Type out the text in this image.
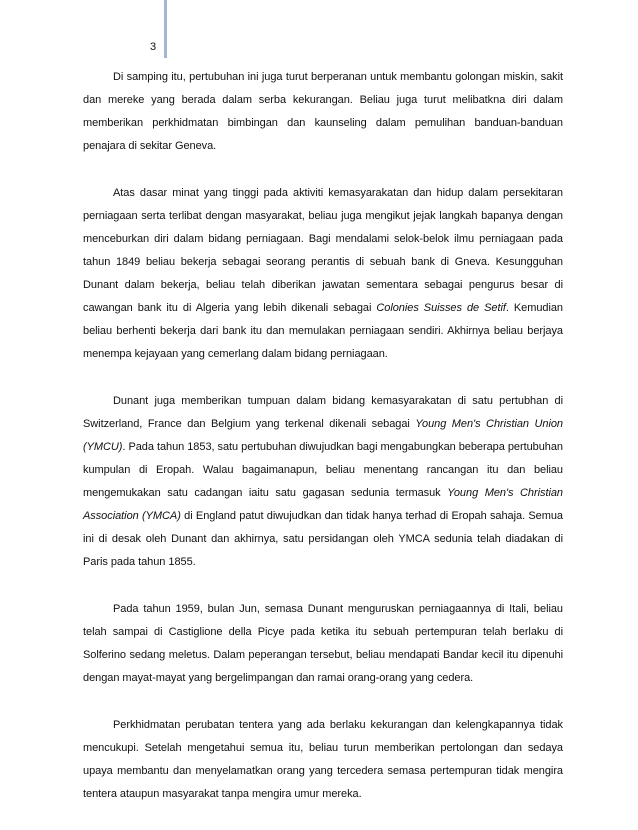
3

Di samping itu, pertubuhan ini juga turut berperanan untuk membantu golongan miskin, sakit dan mereke yang berada dalam serba kekurangan. Beliau juga turut melibatkna diri dalam memberikan perkhidmatan bimbingan dan kaunseling dalam pemulihan banduan-banduan penajara di sekitar Geneva.

Atas dasar minat yang tinggi pada aktiviti kemasyarakatan dan hidup dalam persekitaran perniagaan serta terlibat dengan masyarakat, beliau juga mengikut jejak langkah bapanya dengan menceburkan diri dalam bidang perniagaan. Bagi mendalami selok-belok ilmu perniagaan pada tahun 1849 beliau bekerja sebagai seorang perantis di sebuah bank di Gneva. Kesungguhan Dunant dalam bekerja, beliau telah diberikan jawatan sementara sebagai pengurus besar di cawangan bank itu di Algeria yang lebih dikenali sebagai Colonies Suisses de Setif. Kemudian beliau berhenti bekerja dari bank itu dan memulakan perniagaan sendiri. Akhirnya beliau berjaya menempa kejayaan yang cemerlang dalam bidang perniagaan.

Dunant juga memberikan tumpuan dalam bidang kemasyarakatan di satu pertubhan di Switzerland, France dan Belgium yang terkenal dikenali sebagai Young Men's Christian Union (YMCU). Pada tahun 1853, satu pertubuhan diwujudkan bagi mengabungkan beberapa pertubuhan kumpulan di Eropah. Walau bagaimanapun, beliau menentang rancangan itu dan beliau mengemukakan satu cadangan iaitu satu gagasan sedunia termasuk Young Men's Christian Association (YMCA) di England patut diwujudkan dan tidak hanya terhad di Eropah sahaja. Semua ini di desak oleh Dunant dan akhirnya, satu persidangan oleh YMCA sedunia telah diadakan di Paris pada tahun 1855.

Pada tahun 1959, bulan Jun, semasa Dunant menguruskan perniagaannya di Itali, beliau telah sampai di Castiglione della Picye pada ketika itu sebuah pertempuran telah berlaku di Solferino sedang meletus. Dalam peperangan tersebut, beliau mendapati Bandar kecil itu dipenuhi dengan mayat-mayat yang bergelimpangan dan ramai orang-orang yang cedera.

Perkhidmatan perubatan tentera yang ada berlaku kekurangan dan kelengkapannya tidak mencukupi. Setelah mengetahui semua itu, beliau turun memberikan pertolongan dan sedaya upaya membantu dan menyelamatkan orang yang tercedera semasa pertempuran tidak mengira tentera ataupun masyarakat tanpa mengira umur mereka.
